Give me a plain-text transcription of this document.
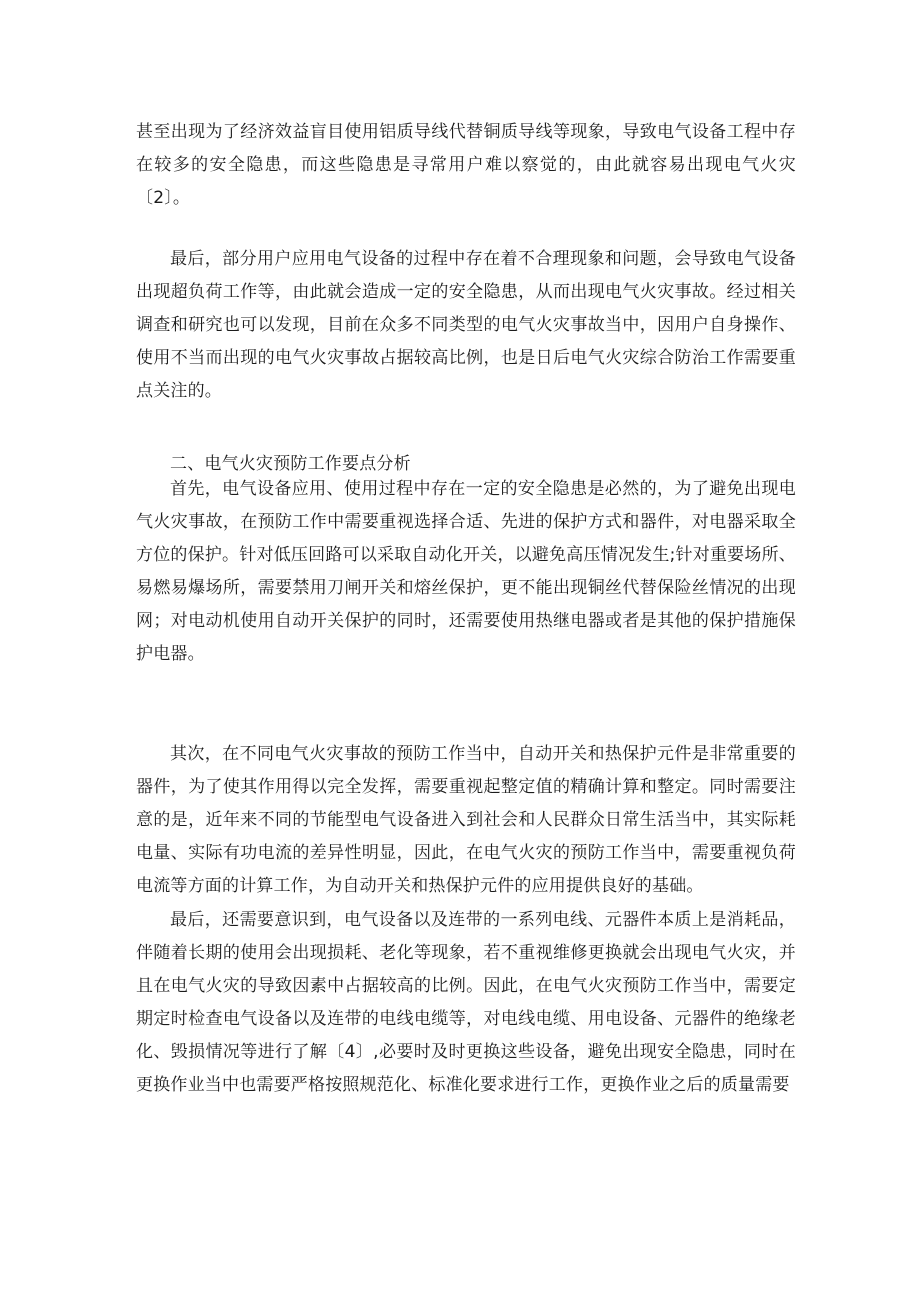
甚至出现为了经济效益盲目使用铝质导线代替铜质导线等现象，导致电气设备工程中存在较多的安全隐患，而这些隐患是寻常用户难以察觉的，由此就容易出现电气火灾〔2〕。

最后，部分用户应用电气设备的过程中存在着不合理现象和问题，会导致电气设备出现超负荷工作等，由此就会造成一定的安全隐患，从而出现电气火灾事故。经过相关调查和研究也可以发现，目前在众多不同类型的电气火灾事故当中，因用户自身操作、使用不当而出现的电气火灾事故占据较高比例，也是日后电气火灾综合防治工作需要重点关注的。

二、电气火灾预防工作要点分析

首先，电气设备应用、使用过程中存在一定的安全隐患是必然的，为了避免出现电气火灾事故，在预防工作中需要重视选择合适、先进的保护方式和器件，对电器采取全方位的保护。针对低压回路可以采取自动化开关，以避免高压情况发生;针对重要场所、易燃易爆场所，需要禁用刀闸开关和熔丝保护，更不能出现铜丝代替保险丝情况的出现网；对电动机使用自动开关保护的同时，还需要使用热继电器或者是其他的保护措施保护电器。

其次，在不同电气火灾事故的预防工作当中，自动开关和热保护元件是非常重要的器件，为了使其作用得以完全发挥，需要重视起整定值的精确计算和整定。同时需要注意的是，近年来不同的节能型电气设备进入到社会和人民群众日常生活当中，其实际耗电量、实际有功电流的差异性明显，因此，在电气火灾的预防工作当中，需要重视负荷电流等方面的计算工作，为自动开关和热保护元件的应用提供良好的基础。

最后，还需要意识到，电气设备以及连带的一系列电线、元器件本质上是消耗品，伴随着长期的使用会出现损耗、老化等现象，若不重视维修更换就会出现电气火灾，并且在电气火灾的导致因素中占据较高的比例。因此，在电气火灾预防工作当中，需要定期定时检查电气设备以及连带的电线电缆等，对电线电缆、用电设备、元器件的绝缘老化、毁损情况等进行了解〔4〕,必要时及时更换这些设备，避免出现安全隐患，同时在更换作业当中也需要严格按照规范化、标准化要求进行工作，更换作业之后的质量需要
